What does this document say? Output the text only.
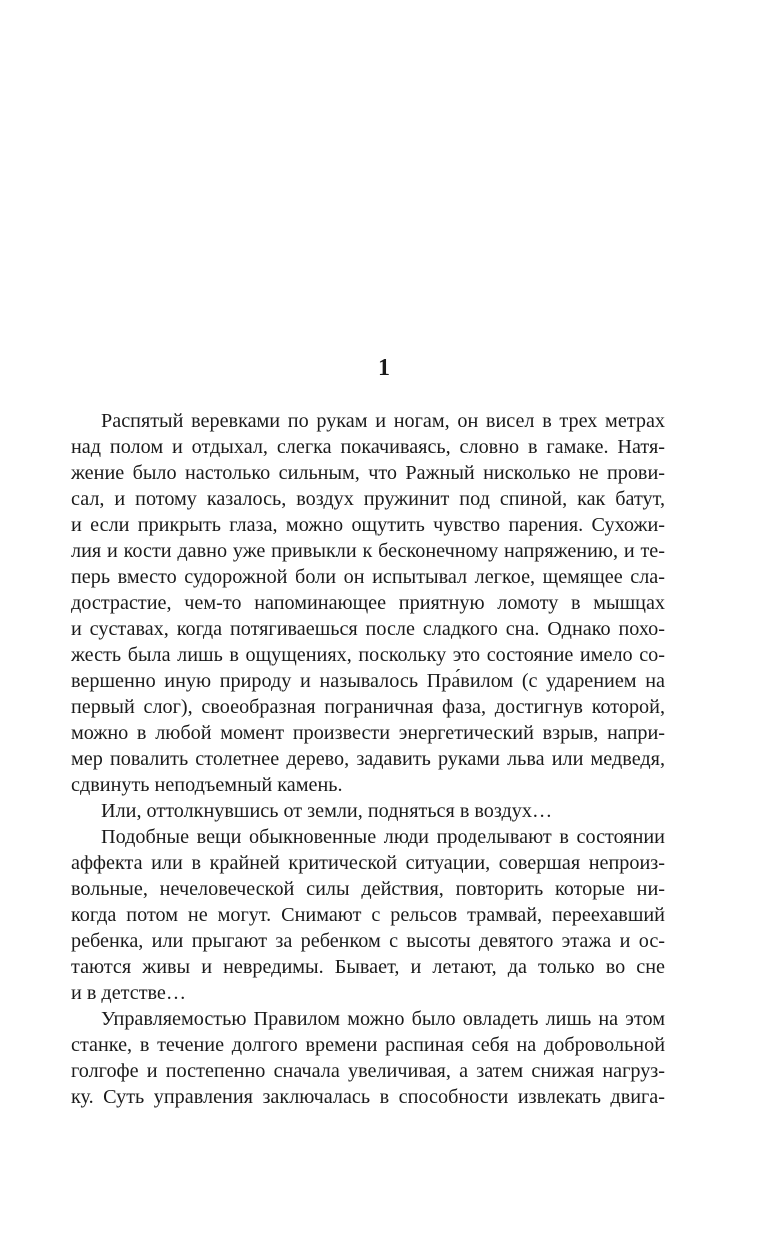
1
Распятый веревками по рукам и ногам, он висел в трех метрах
над полом и отдыхал, слегка покачиваясь, словно в гамаке. Натя-
жение было настолько сильным, что Ражный нисколько не прови-
сал, и потому казалось, воздух пружинит под спиной, как батут,
и если прикрыть глаза, можно ощутить чувство парения. Сухожи-
лия и кости давно уже привыкли к бесконечному напряжению, и те-
перь вместо судорожной боли он испытывал легкое, щемящее сла-
дострастие, чем-то напоминающее приятную ломоту в мышцах
и суставах, когда потягиваешься после сладкого сна. Однако похо-
жесть была лишь в ощущениях, поскольку это состояние имело со-
вершенно иную природу и называлось Пра́вилом (с ударением на
первый слог), своеобразная пограничная фаза, достигнув которой,
можно в любой момент произвести энергетический взрыв, напри-
мер повалить столетнее дерево, задавить руками льва или медведя,
сдвинуть неподъемный камень.
Или, оттолкнувшись от земли, подняться в воздух…
Подобные вещи обыкновенные люди проделывают в состоянии
аффекта или в крайней критической ситуации, совершая непроиз-
вольные, нечеловеческой силы действия, повторить которые ни-
когда потом не могут. Снимают с рельсов трамвай, переехавший
ребенка, или прыгают за ребенком с высоты девятого этажа и ос-
таются живы и невредимы. Бывает, и летают, да только во сне
и в детстве…
Управляемостью Правилом можно было овладеть лишь на этом
станке, в течение долгого времени распиная себя на добровольной
голгофе и постепенно сначала увеличивая, а затем снижая нагруз-
ку. Суть управления заключалась в способности извлекать двига-
